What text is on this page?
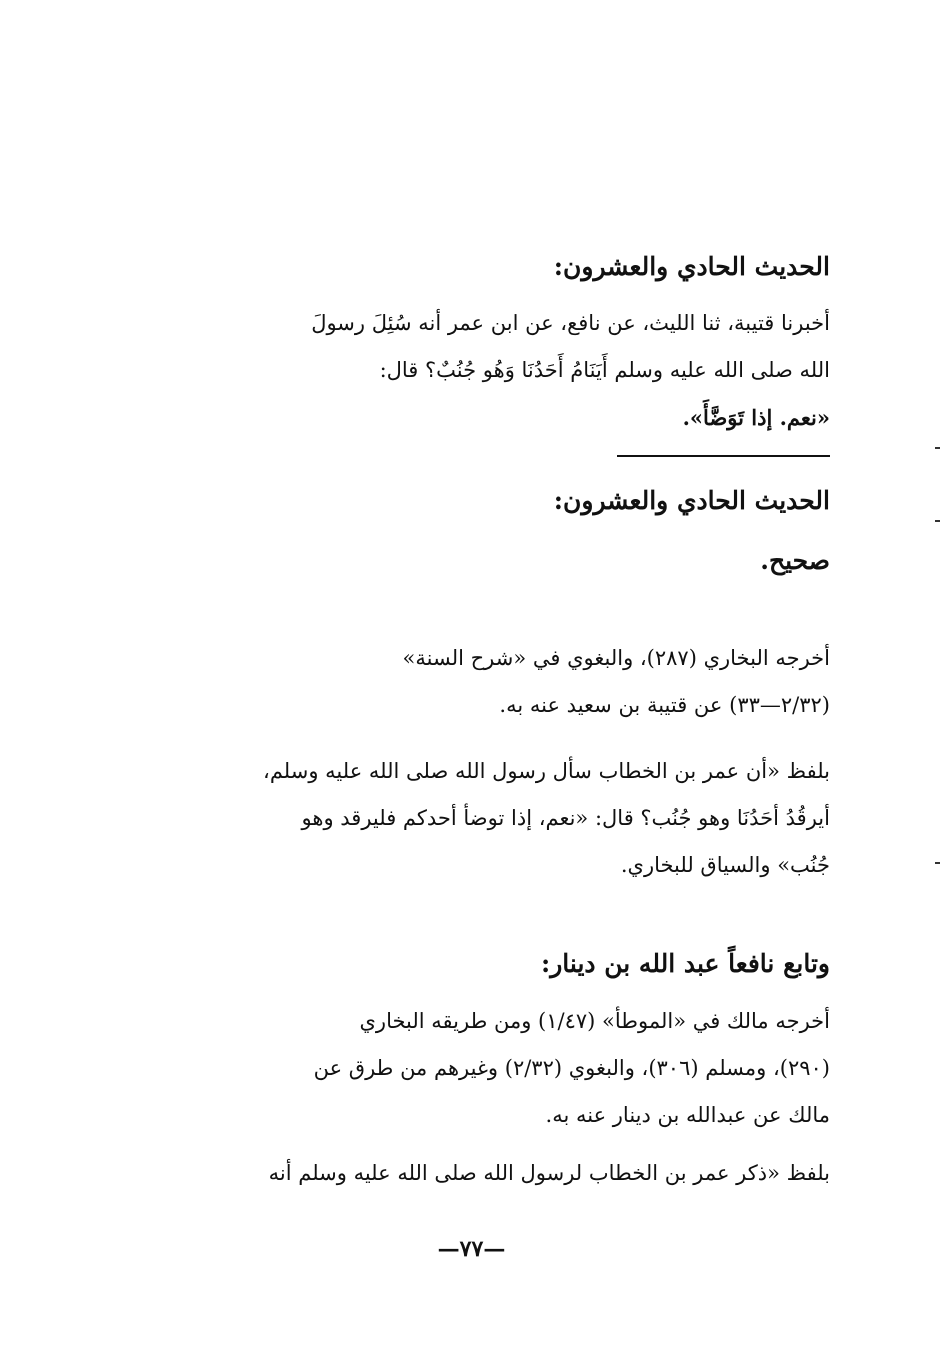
الحديث الحادي والعشرون:
أخبرنا قتيبة، ثنا الليث، عن نافع، عن ابن عمر أنه سُئِلَ رسولَ
الله صلى الله عليه وسلم أَيَنَامُ أَحَدُنَا وَهُو جُنُبٌ؟ قال:
«نعم. إذا تَوَضَّأَ».
الحديث الحادي والعشرون:
صحيح.
أخرجه البخاري (٢٨٧)، والبغوي في «شرح السنة»
(٢/٣٢—٣٣) عن قتيبة بن سعيد عنه به.
بلفظ «أن عمر بن الخطاب سأل رسول الله صلى الله عليه وسلم،
أيرقُدُ أحَدُنَا وهو جُنُب؟ قال: «نعم، إذا توضأ أحدكم فليرقد وهو
جُنُب» والسياق للبخاري.
وتابع نافعاً عبد الله بن دينار:
أخرجه مالك في «الموطأ» (١/٤٧) ومن طريقه البخاري
(٢٩٠)، ومسلم (٣٠٦)، والبغوي (٢/٣٢) وغيرهم من طرق عن
مالك عن عبدالله بن دينار عنه به.
بلفظ «ذكر عمر بن الخطاب لرسول الله صلى الله عليه وسلم أنه
—٧٧—
